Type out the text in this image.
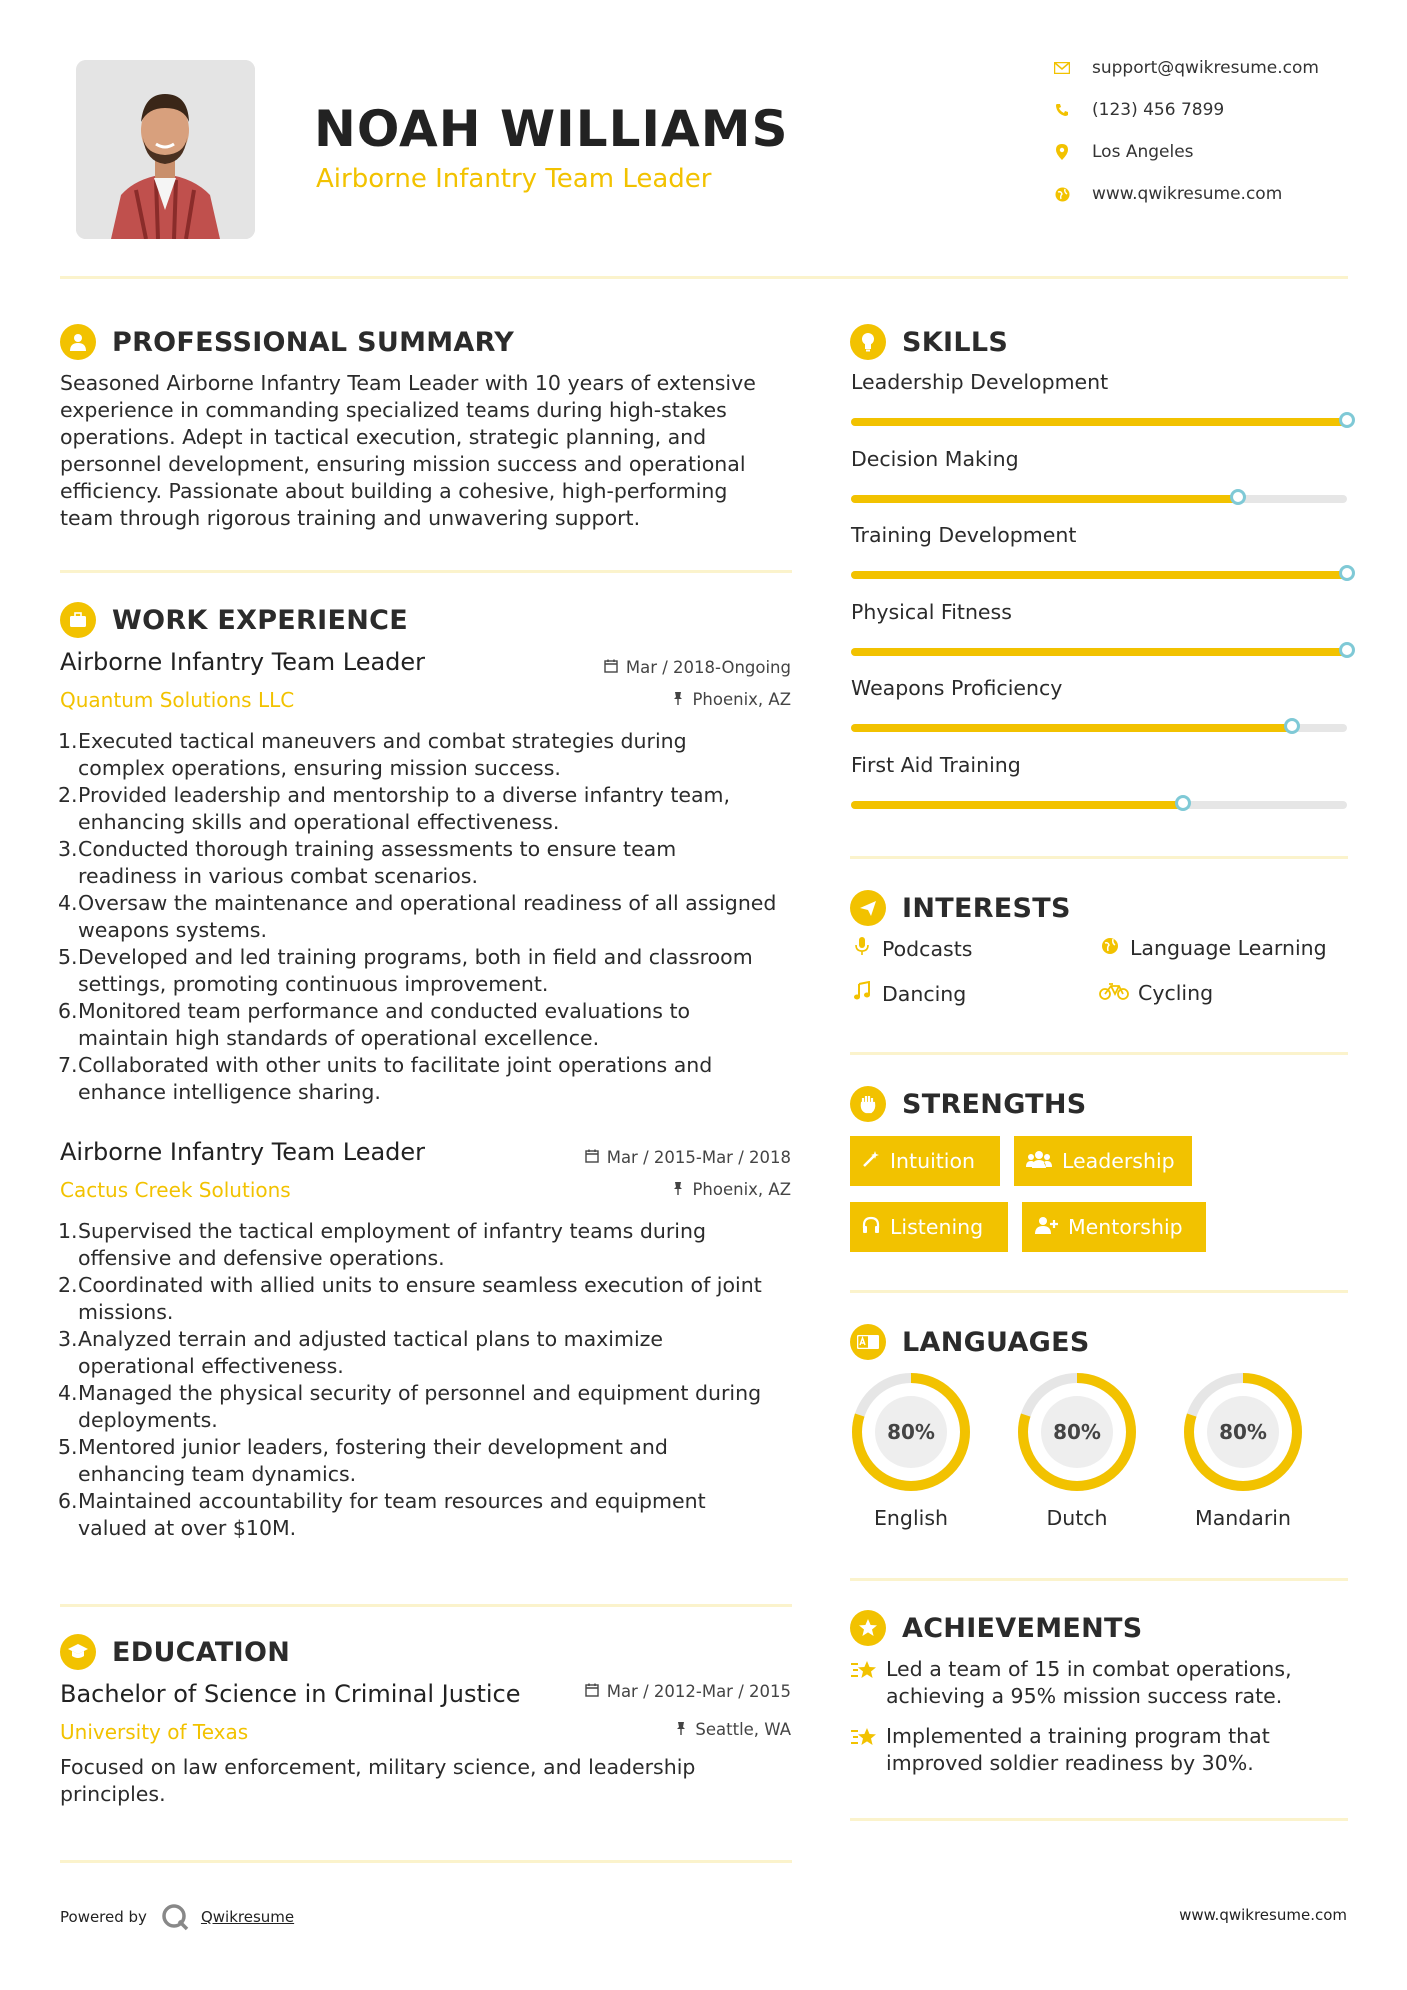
NOAH WILLIAMS
Airborne Infantry Team Leader
support@qwikresume.com
(123) 456 7899
Los Angeles
www.qwikresume.com
PROFESSIONAL SUMMARY
Seasoned Airborne Infantry Team Leader with 10 years of extensive
experience in commanding specialized teams during high-stakes
operations. Adept in tactical execution, strategic planning, and
personnel development, ensuring mission success and operational
efficiency. Passionate about building a cohesive, high-performing
team through rigorous training and unwavering support.
WORK EXPERIENCE
Airborne Infantry Team Leader
Quantum Solutions LLC
Mar / 2018-Ongoing
Phoenix, AZ
1. Executed tactical maneuvers and combat strategies during
complex operations, ensuring mission success.
2. Provided leadership and mentorship to a diverse infantry team,
enhancing skills and operational effectiveness.
3. Conducted thorough training assessments to ensure team
readiness in various combat scenarios.
4. Oversaw the maintenance and operational readiness of all assigned
weapons systems.
5. Developed and led training programs, both in field and classroom
settings, promoting continuous improvement.
6. Monitored team performance and conducted evaluations to
maintain high standards of operational excellence.
7. Collaborated with other units to facilitate joint operations and
enhance intelligence sharing.
Airborne Infantry Team Leader
Cactus Creek Solutions
Mar / 2015-Mar / 2018
Phoenix, AZ
1. Supervised the tactical employment of infantry teams during
offensive and defensive operations.
2. Coordinated with allied units to ensure seamless execution of joint
missions.
3. Analyzed terrain and adjusted tactical plans to maximize
operational effectiveness.
4. Managed the physical security of personnel and equipment during
deployments.
5. Mentored junior leaders, fostering their development and
enhancing team dynamics.
6. Maintained accountability for team resources and equipment
valued at over $10M.
EDUCATION
Bachelor of Science in Criminal Justice
University of Texas
Mar / 2012-Mar / 2015
Seattle, WA
Focused on law enforcement, military science, and leadership
principles.
Powered by	Qwikresume	www.qwikresume.com
SKILLS
Leadership Development
Decision Making
Training Development
Physical Fitness
Weapons Proficiency
First Aid Training
INTERESTS
Podcasts	Language Learning
Dancing	Cycling
STRENGTHS
Intuition	Leadership
Listening	Mentorship
LANGUAGES
80%
English
80%
Dutch
80%
Mandarin
ACHIEVEMENTS
Led a team of 15 in combat operations,
achieving a 95% mission success rate.
Implemented a training program that
improved soldier readiness by 30%.
